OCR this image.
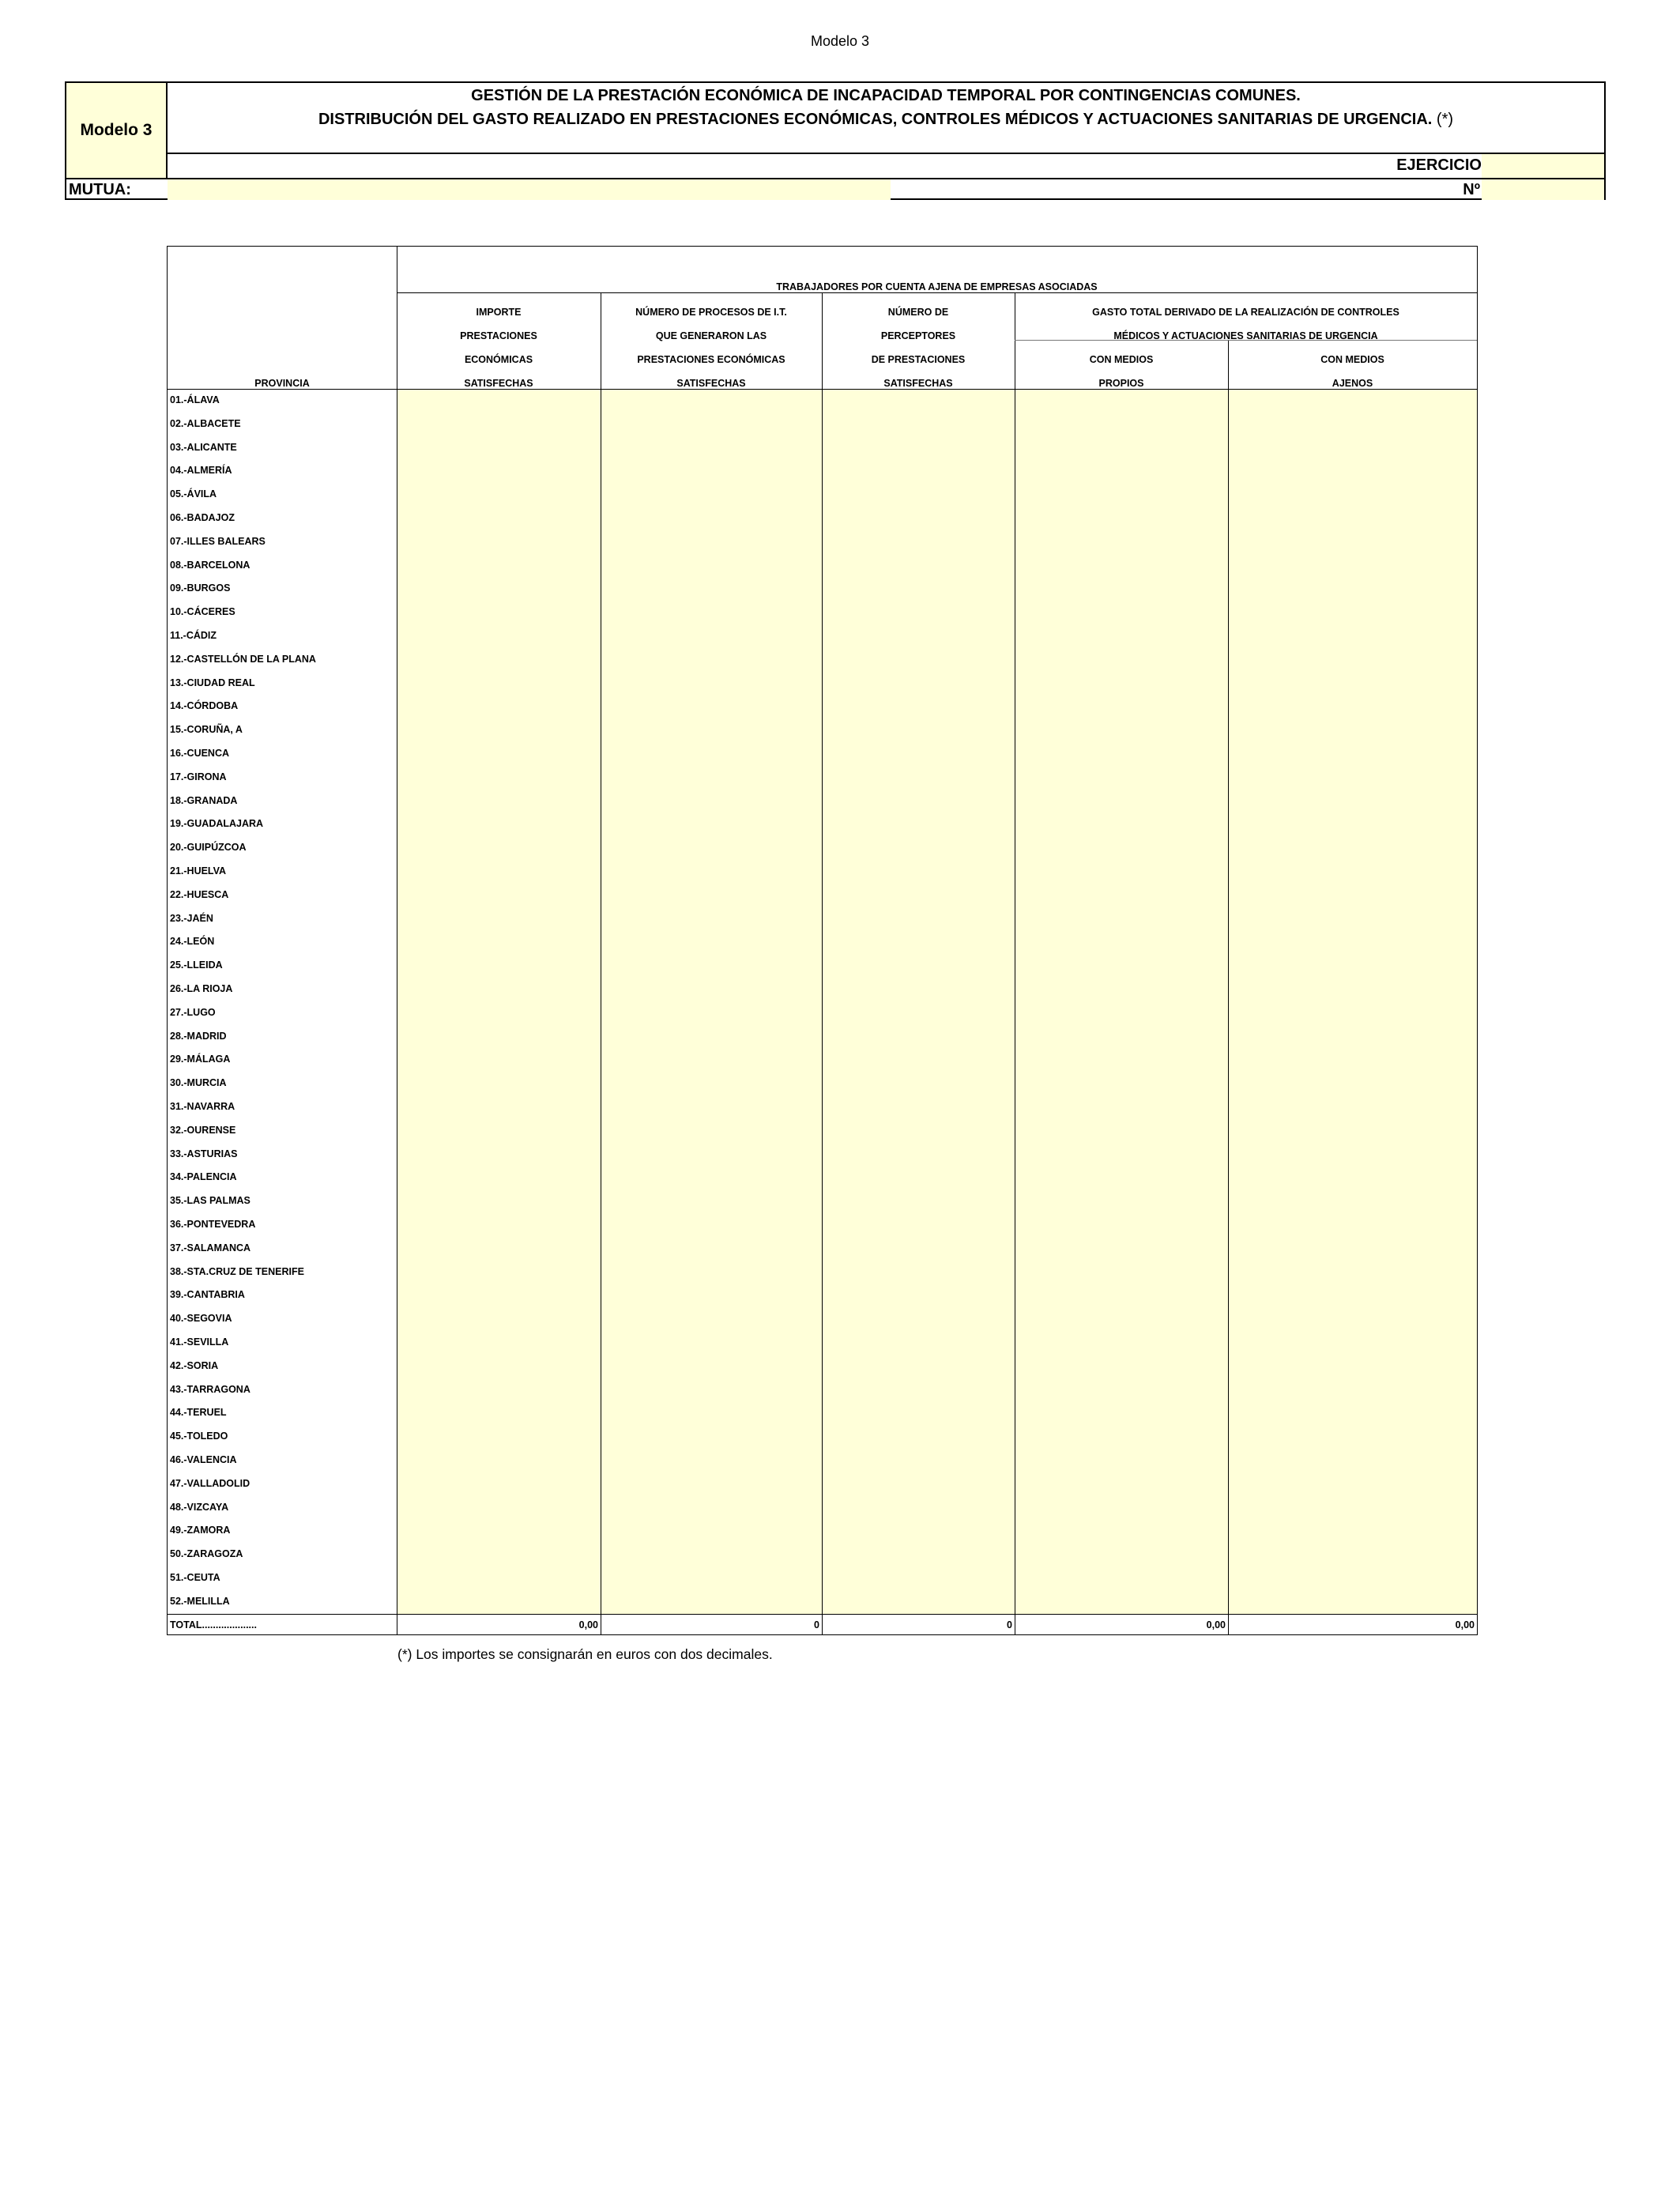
Modelo 3
Modelo 3
GESTIÓN DE LA PRESTACIÓN ECONÓMICA DE INCAPACIDAD TEMPORAL POR CONTINGENCIAS COMUNES.
DISTRIBUCIÓN DEL GASTO REALIZADO EN PRESTACIONES ECONÓMICAS, CONTROLES MÉDICOS Y ACTUACIONES SANITARIAS DE URGENCIA. (*)
EJERCICIO
MUTUA:	Nº
TRABAJADORES POR CUENTA AJENA DE EMPRESAS ASOCIADAS
PROVINCIA
IMPORTE
PRESTACIONES
ECONÓMICAS
SATISFECHAS
NÚMERO DE PROCESOS DE I.T.
QUE GENERARON LAS
PRESTACIONES ECONÓMICAS
SATISFECHAS
NÚMERO DE
PERCEPTORES
DE PRESTACIONES
SATISFECHAS
GASTO TOTAL DERIVADO DE LA REALIZACIÓN DE CONTROLES
MÉDICOS Y ACTUACIONES SANITARIAS DE URGENCIA
CON MEDIOS
PROPIOS
CON MEDIOS
AJENOS
01.-ÁLAVA
02.-ALBACETE
03.-ALICANTE
04.-ALMERÍA
05.-ÁVILA
06.-BADAJOZ
07.-ILLES BALEARS
08.-BARCELONA
09.-BURGOS
10.-CÁCERES
11.-CÁDIZ
12.-CASTELLÓN DE LA PLANA
13.-CIUDAD REAL
14.-CÓRDOBA
15.-CORUÑA, A
16.-CUENCA
17.-GIRONA
18.-GRANADA
19.-GUADALAJARA
20.-GUIPÚZCOA
21.-HUELVA
22.-HUESCA
23.-JAÉN
24.-LEÓN
25.-LLEIDA
26.-LA RIOJA
27.-LUGO
28.-MADRID
29.-MÁLAGA
30.-MURCIA
31.-NAVARRA
32.-OURENSE
33.-ASTURIAS
34.-PALENCIA
35.-LAS PALMAS
36.-PONTEVEDRA
37.-SALAMANCA
38.-STA.CRUZ DE TENERIFE
39.-CANTABRIA
40.-SEGOVIA
41.-SEVILLA
42.-SORIA
43.-TARRAGONA
44.-TERUEL
45.-TOLEDO
46.-VALENCIA
47.-VALLADOLID
48.-VIZCAYA
49.-ZAMORA
50.-ZARAGOZA
51.-CEUTA
52.-MELILLA
TOTAL....................	0,00	0	0	0,00	0,00
(*) Los importes se consignarán en euros con dos decimales.
